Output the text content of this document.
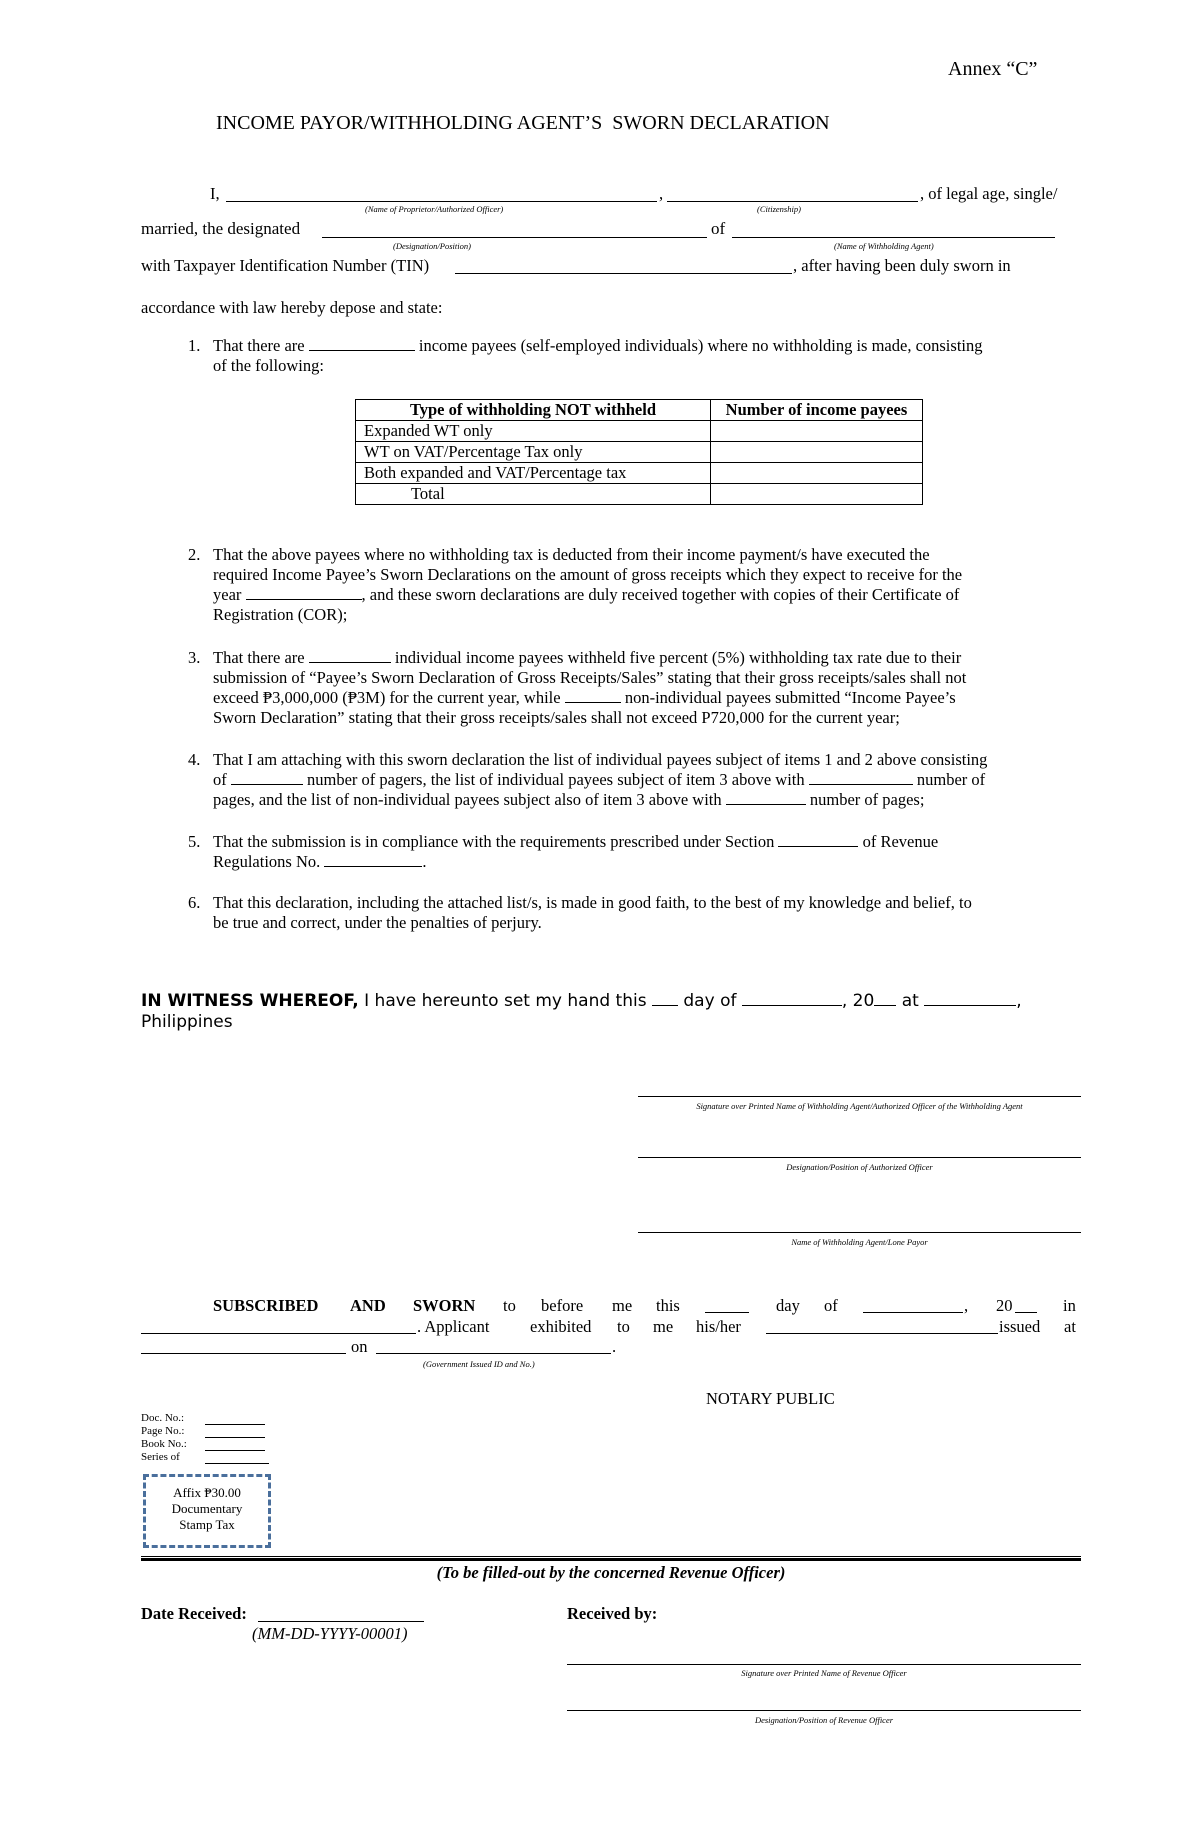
Annex “C”
INCOME PAYOR/WITHHOLDING AGENT’S  SWORN DECLARATION
I,	,	, of legal age, single/
(Name of Proprietor/Authorized Officer)	(Citizenship)
married, the designated	of
(Designation/Position)	(Name of Withholding Agent)
with Taxpayer Identification Number (TIN)	, after having been duly sworn in
accordance with law hereby depose and state:
1. That there are	income payees (self-employed individuals) where no withholding is made, consisting
of the following:
Type of withholding NOT withheld	Number of income payees
Expanded WT only	
WT on VAT/Percentage Tax only	
Both expanded and VAT/Percentage tax	
Total	
2. That the above payees where no withholding tax is deducted from their income payment/s have executed the
required Income Payee’s Sworn Declarations on the amount of gross receipts which they expect to receive for the
year	, and these sworn declarations are duly received together with copies of their Certificate of
Registration (COR);
3. That there are	individual income payees withheld five percent (5%) withholding tax rate due to their
submission of “Payee’s Sworn Declaration of Gross Receipts/Sales” stating that their gross receipts/sales shall not
exceed ₱3,000,000 (₱3M) for the current year, while	non-individual payees submitted “Income Payee’s
Sworn Declaration” stating that their gross receipts/sales shall not exceed P720,000 for the current year;
4. That I am attaching with this sworn declaration the list of individual payees subject of items 1 and 2 above consisting
of	number of pagers, the list of individual payees subject of item 3 above with	number of
pages, and the list of non-individual payees subject also of item 3 above with	number of pages;
5. That the submission is in compliance with the requirements prescribed under Section	of Revenue
Regulations No.	.
6. That this declaration, including the attached list/s, is made in good faith, to the best of my knowledge and belief, to
be true and correct, under the penalties of perjury.
IN WITNESS WHEREOF, I have hereunto set my hand this day of	, 20 at	,
Philippines
Signature over Printed Name of Withholding Agent/Authorized Officer of the Withholding Agent
Designation/Position of Authorized Officer
Name of Withholding Agent/Lone Payor
SUBSCRIBED AND SWORN to before me this	day of	, 20	in
. Applicant exhibited to me his/her	issued at
on	.
(Government Issued ID and No.)
NOTARY PUBLIC
Doc. No.:
Page No.:
Book No.:
Series of
Affix ₱30.00
Documentary
Stamp Tax
(To be filled-out by the concerned Revenue Officer)
Date Received:
(MM-DD-YYYY-00001)
Received by:
Signature over Printed Name of Revenue Officer
Designation/Position of Revenue Officer
